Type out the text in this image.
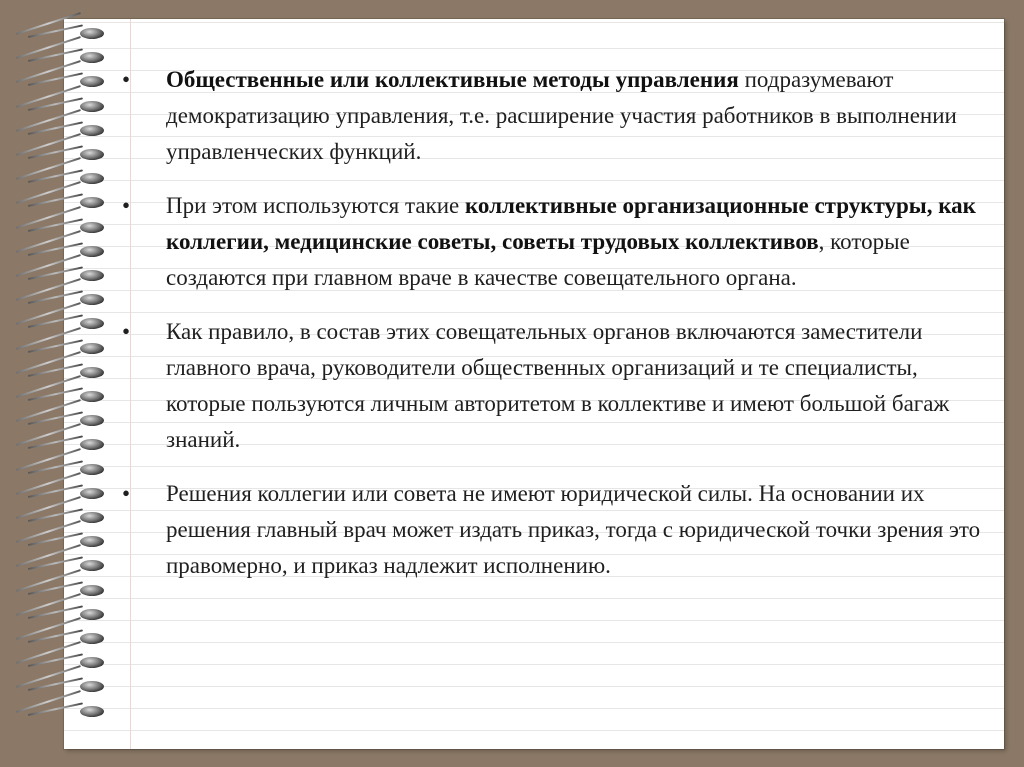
•	Общественные или коллективные методы управления подразумевают демократизацию управления, т.е. расширение участия работников в выполнении управленческих функций.
•	При этом используются такие коллективные организационные структуры, как коллегии, медицинские советы, советы трудовых коллективов, которые создаются при главном враче в качестве совещательного органа.
•	Как правило, в состав этих совещательных органов включаются заместители главного врача, руководители общественных организаций и те специалисты, которые пользуются личным авторитетом в коллективе и имеют большой багаж знаний.
•	Решения коллегии или совета не имеют юридической силы. На основании их решения главный врач может издать приказ, тогда с юридической точки зрения это правомерно, и приказ надлежит исполнению.
